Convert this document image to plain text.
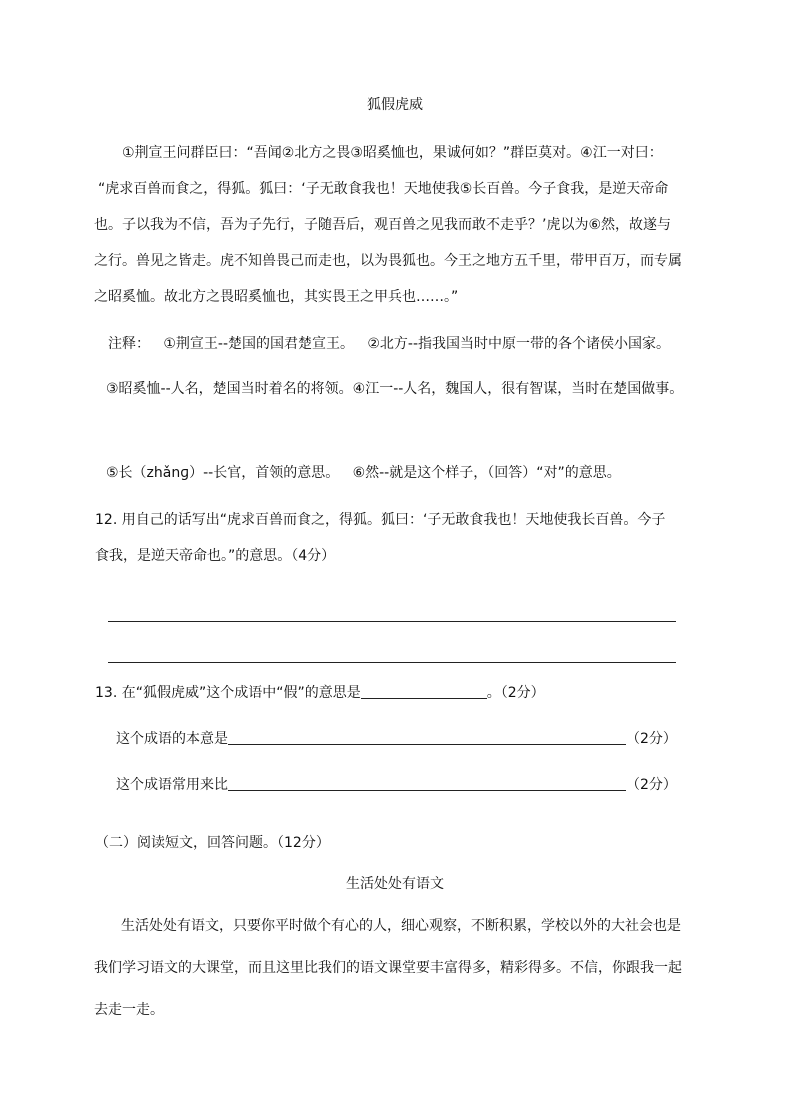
狐假虎威
①荆宣王问群臣曰：“吾闻②北方之畏③昭奚恤也，果诚何如？”群臣莫对。④江一对曰：
“虎求百兽而食之，得狐。狐曰：‘子无敢食我也！天地使我⑤长百兽。今子食我，是逆天帝命
也。子以我为不信，吾为子先行，子随吾后，观百兽之见我而敢不走乎？’虎以为⑥然，故遂与
之行。兽见之皆走。虎不知兽畏己而走也，以为畏狐也。今王之地方五千里，带甲百万，而专属
之昭奚恤。故北方之畏昭奚恤也，其实畏王之甲兵也……。”
注释：   ①荆宣王--楚国的国君楚宣王。   ②北方--指我国当时中原一带的各个诸侯小国家。
③昭奚恤--人名，楚国当时着名的将领。④江一--人名，魏国人，很有智谋，当时在楚国做事。
⑤长（zhǎnɡ）--长官，首领的意思。   ⑥然--就是这个样子，（回答）“对”的意思。
12. 用自己的话写出“虎求百兽而食之，得狐。狐曰：‘子无敢食我也！天地使我长百兽。今子
食我，是逆天帝命也。”的意思。（4分）
13. 在“狐假虎威”这个成语中“假”的意思是	。（2分）
这个成语的本意是	（2分）
这个成语常用来比	（2分）
（二）阅读短文，回答问题。（12分）
生活处处有语文
生活处处有语文，只要你平时做个有心的人，细心观察，不断积累，学校以外的大社会也是
我们学习语文的大课堂，而且这里比我们的语文课堂要丰富得多，精彩得多。不信，你跟我一起
去走一走。
